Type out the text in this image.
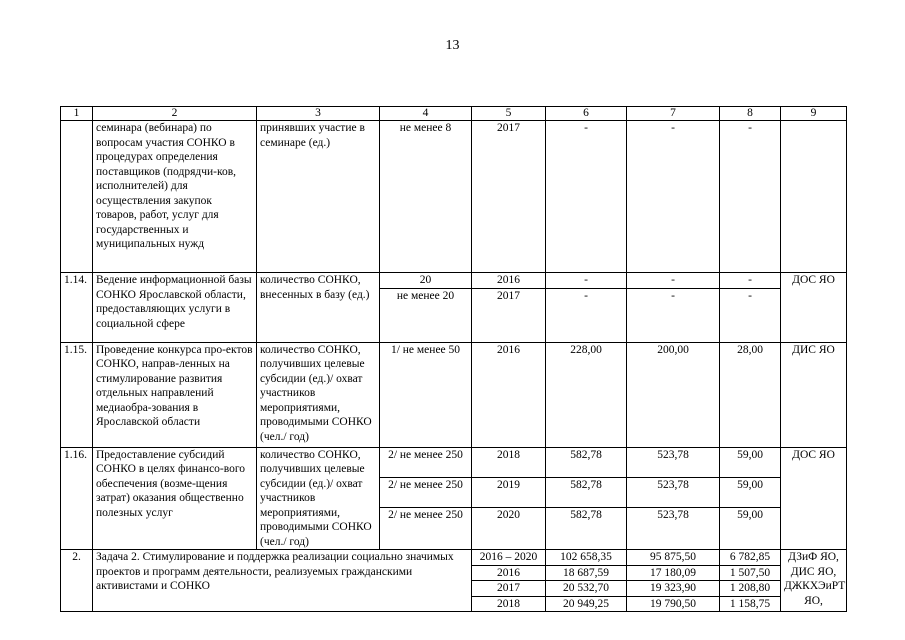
13
1	2	3	4	5	6	7	8	9
	семинара (вебинара) по вопросам участия СОНКО в процедурах определения поставщиков (подрядчи-ков, исполнителей) для осуществления закупок товаров, работ, услуг для государственных и муниципальных нужд	принявших участие в семинаре (ед.)	не менее 8	2017	-	-	-	
1.14.	Ведение информационной базы СОНКО Ярославской области, предоставляющих услуги в социальной сфере	количество СОНКО, внесенных в базу (ед.)	20	2016	-	-	-	ДОС ЯО
			не менее 20	2017	-	-	-	
1.15.	Проведение конкурса про-ектов СОНКО, направ-ленных на стимулирование развития отдельных направлений медиаобра-зования в Ярославской области	количество СОНКО, получивших целевые субсидии (ед.)/ охват участников мероприятиями, проводимыми СОНКО (чел./ год)	1/ не менее 50	2016	228,00	200,00	28,00	ДИС ЯО
1.16.	Предоставление субсидий СОНКО в целях финансо-вого обеспечения (возме-щения затрат) оказания общественно полезных услуг	количество СОНКО, получивших целевые субсидии (ед.)/ охват участников мероприятиями, проводимыми СОНКО (чел./ год)	2/ не менее 250	2018	582,78	523,78	59,00	ДОС ЯО
			2/ не менее 250	2019	582,78	523,78	59,00	
			2/ не менее 250	2020	582,78	523,78	59,00	
2.	Задача 2. Стимулирование и поддержка реализации социально значимых проектов и программ деятельности, реализуемых гражданскими активистами и СОНКО			2016 – 2020	102 658,35	95 875,50	6 782,85	ДЗиФ ЯО, ДИС ЯО, ДЖКХЭиРТ ЯО,
				2016	18 687,59	17 180,09	1 507,50	
				2017	20 532,70	19 323,90	1 208,80	
				2018	20 949,25	19 790,50	1 158,75	
